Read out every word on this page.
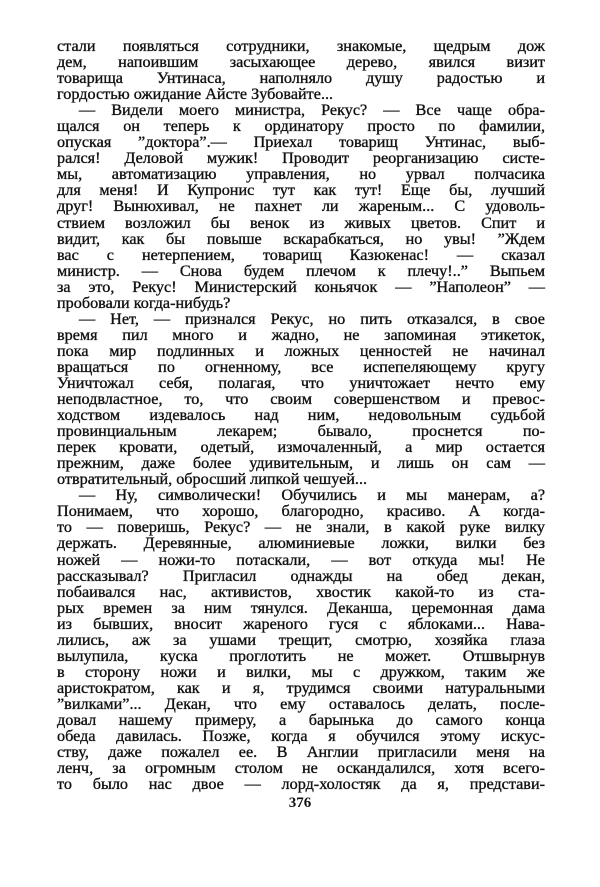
стали появляться сотрудники, знакомые, щедрым дож
дем, напоившим засыхающее дерево, явился визит
товарища Унтинаса, наполняло душу радостью и
гордостью ожидание Айсте Зубовайте...
— Видели моего министра, Рекус? — Все чаще обра-
щался он теперь к ординатору просто по фамилии,
опуская ”доктора”.— Приехал товарищ Унтинас, выб-
рался! Деловой мужик! Проводит реорганизацию систе-
мы, автоматизацию управления, но урвал полчасика
для меня! И Купронис тут как тут! Еще бы, лучший
друг! Вынюхивал, не пахнет ли жареным... С удоволь-
ствием возложил бы венок из живых цветов. Спит и
видит, как бы повыше вскарабкаться, но увы! ”Ждем
вас с нетерпением, товарищ Казюкенас! — сказал
министр. — Снова будем плечом к плечу!..” Выпьем
за это, Рекус! Министерский коньячок — ”Наполеон” —
пробовали когда-нибудь?
— Нет, — признался Рекус, но пить отказался, в свое
время пил много и жадно, не запоминая этикеток,
пока мир подлинных и ложных ценностей не начинал
вращаться по огненному, все испепеляющему кругу
Уничтожал себя, полагая, что уничтожает нечто ему
неподвластное, то, что своим совершенством и превос-
ходством издевалось над ним, недовольным судьбой
провинциальным лекарем; бывало, проснется по-
перек кровати, одетый, измочаленный, а мир остается
прежним, даже более удивительным, и лишь он сам —
отвратительный, обросший липкой чешуей...
— Ну, символически! Обучились и мы манерам, а?
Понимаем, что хорошо, благородно, красиво. А когда-
то — поверишь, Рекус? — не знали, в какой руке вилку
держать. Деревянные, алюминиевые ложки, вилки без
ножей — ножи-то потаскали, — вот откуда мы! Не
рассказывал? Пригласил однажды на обед декан,
побаивался нас, активистов, хвостик какой-то из ста-
рых времен за ним тянулся. Деканша, церемонная дама
из бывших, вносит жареного гуся с яблоками... Нава-
лились, аж за ушами трещит, смотрю, хозяйка глаза
вылупила, куска проглотить не может. Отшвырнув
в сторону ножи и вилки, мы с дружком, таким же
аристократом, как и я, трудимся своими натуральными
”вилками”... Декан, что ему оставалось делать, после-
довал нашему примеру, а барынька до самого конца
обеда давилась. Позже, когда я обучился этому искус-
ству, даже пожалел ее. В Англии пригласили меня на
ленч, за огромным столом не оскандалился, хотя всего-
то было нас двое — лорд-холостяк да я, представи-
376
